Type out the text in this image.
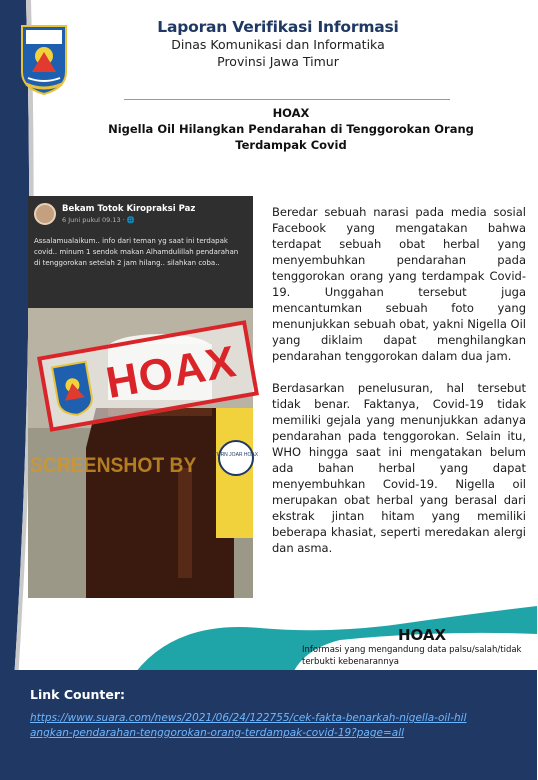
Laporan Verifikasi Informasi
Dinas Komunikasi dan Informatika
Provinsi Jawa Timur
HOAX
Nigella Oil Hilangkan Pendarahan di Tenggorokan Orang Terdampak Covid
Bekam Totok Kiropraksi Paz
6 Juni pukul 09.13 · 🌐
Assalamualaikum.. info dari teman yg saat ini terdapak covid.. minum 1 sendok makan Alhamdulillah pendarahan di tenggorokan setelah 2 jam hilang.. silahkan coba..
TURN JOAR HOAX
SCREENSHOT BY
HOAX

Beredar sebuah narasi pada media sosial Facebook yang mengatakan bahwa terdapat sebuah obat herbal yang menyembuhkan pendarahan pada tenggorokan orang yang terdampak Covid-19. Unggahan tersebut juga mencantumkan sebuah foto yang menunjukkan sebuah obat, yakni Nigella Oil yang diklaim dapat menghilangkan pendarahan tenggorokan dalam dua jam.

Berdasarkan penelusuran, hal tersebut tidak benar. Faktanya, Covid-19 tidak memiliki gejala yang menunjukkan adanya pendarahan pada tenggorokan. Selain itu, WHO hingga saat ini mengatakan belum ada bahan herbal yang dapat menyembuhkan Covid-19. Nigella oil merupakan obat herbal yang berasal dari ekstrak jintan hitam yang memiliki beberapa khasiat, seperti meredakan alergi dan asma.

HOAX
Informasi yang mengandung data palsu/salah/tidak terbukti kebenarannya
Link Counter:
https://www.suara.com/news/2021/06/24/122755/cek-fakta-benarkah-nigella-oil-hilangkan-pendarahan-tenggorokan-orang-terdampak-covid-19?page=all
